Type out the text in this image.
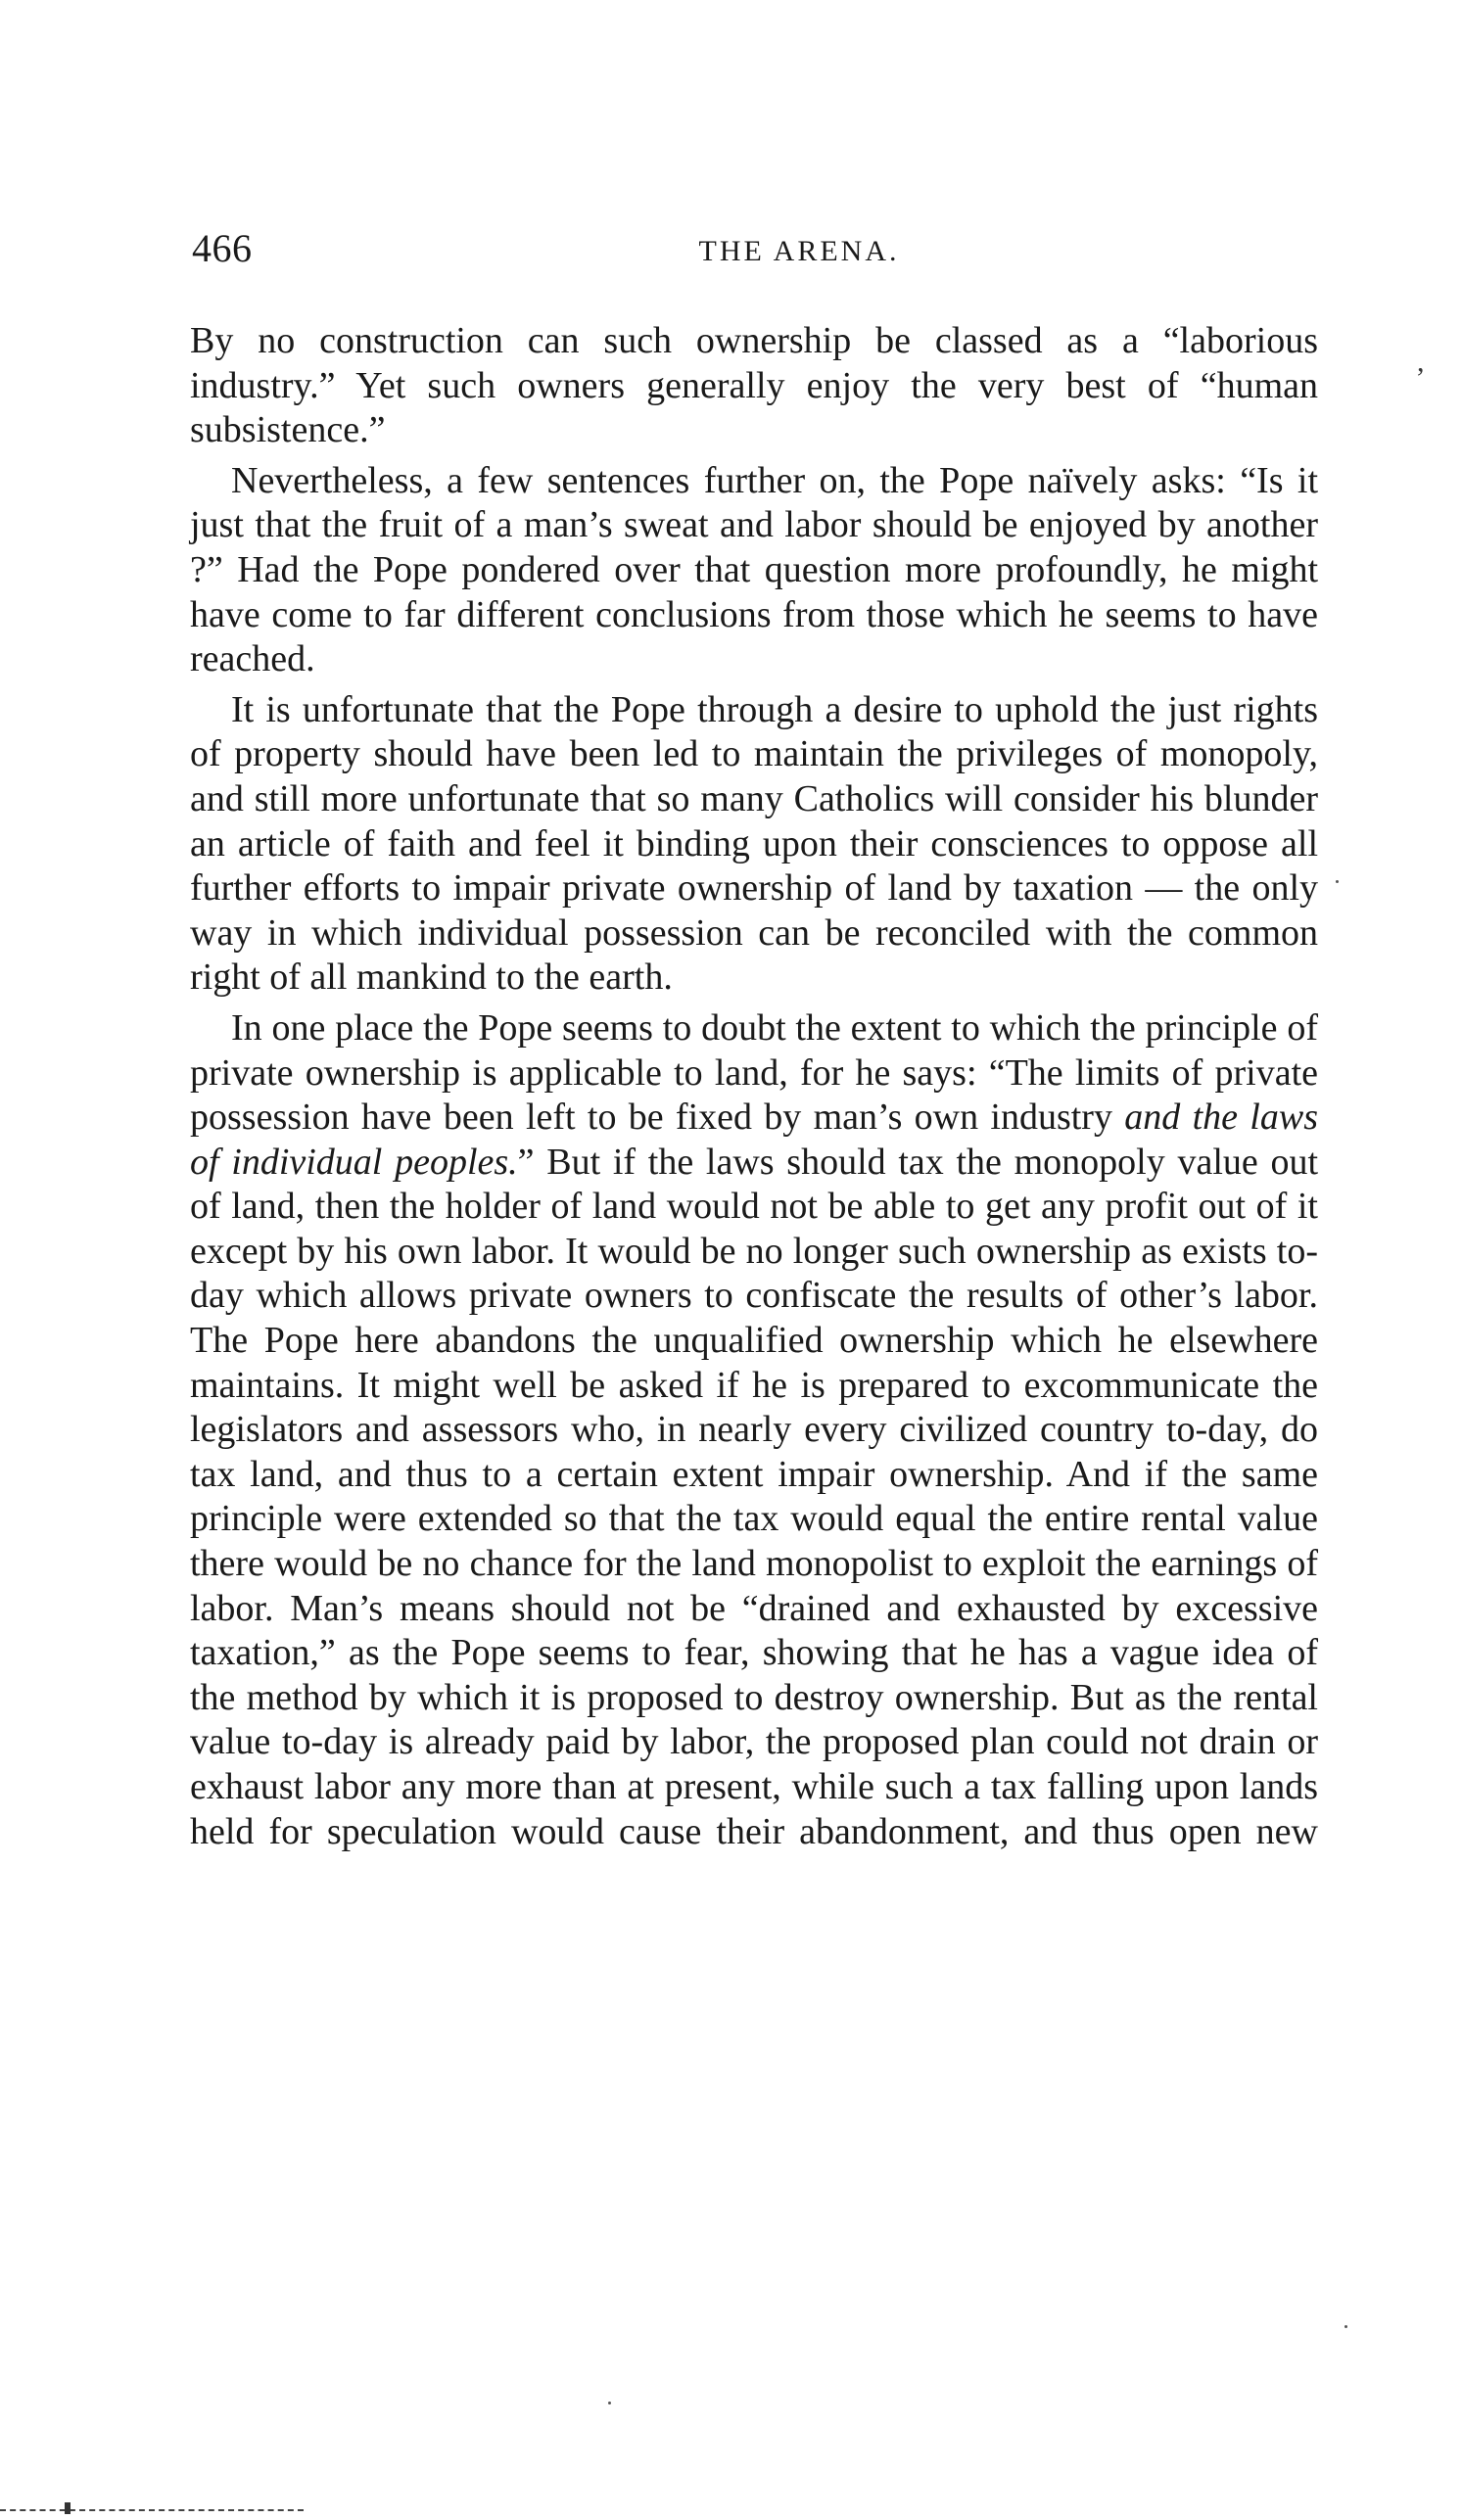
466	THE ARENA.
,

By no construction can such ownership be classed as a “laborious industry.” Yet such owners generally enjoy the very best of “human subsistence.”

Nevertheless, a few sentences further on, the Pope naïvely asks: “Is it just that the fruit of a man’s sweat and labor should be enjoyed by another ?” Had the Pope pondered over that question more profoundly, he might have come to far different conclusions from those which he seems to have reached.

It is unfortunate that the Pope through a desire to uphold the just rights of property should have been led to maintain the privileges of monopoly, and still more unfortunate that so many Catholics will consider his blunder an article of faith and feel it binding upon their consciences to oppose all further efforts to impair private ownership of land by taxation — the only way in which individual possession can be reconciled with the common right of all mankind to the earth.

In one place the Pope seems to doubt the extent to which the principle of private ownership is applicable to land, for he says: “The limits of private possession have been left to be fixed by man’s own industry and the laws of individual peoples.” But if the laws should tax the monopoly value out of land, then the holder of land would not be able to get any profit out of it except by his own labor. It would be no longer such ownership as exists to-day which allows private owners to confiscate the results of other’s labor. The Pope here abandons the unqualified ownership which he elsewhere maintains. It might well be asked if he is prepared to excommunicate the legislators and assessors who, in nearly every civilized country to-day, do tax land, and thus to a certain extent impair ownership. And if the same principle were extended so that the tax would equal the entire rental value there would be no chance for the land monopolist to exploit the earnings of labor. Man’s means should not be “drained and exhausted by excessive taxation,” as the Pope seems to fear, showing that he has a vague idea of the method by which it is proposed to destroy ownership. But as the rental value to-day is already paid by labor, the proposed plan could not drain or exhaust labor any more than at present, while such a tax falling upon lands held for speculation would cause their abandonment, and thus open new
